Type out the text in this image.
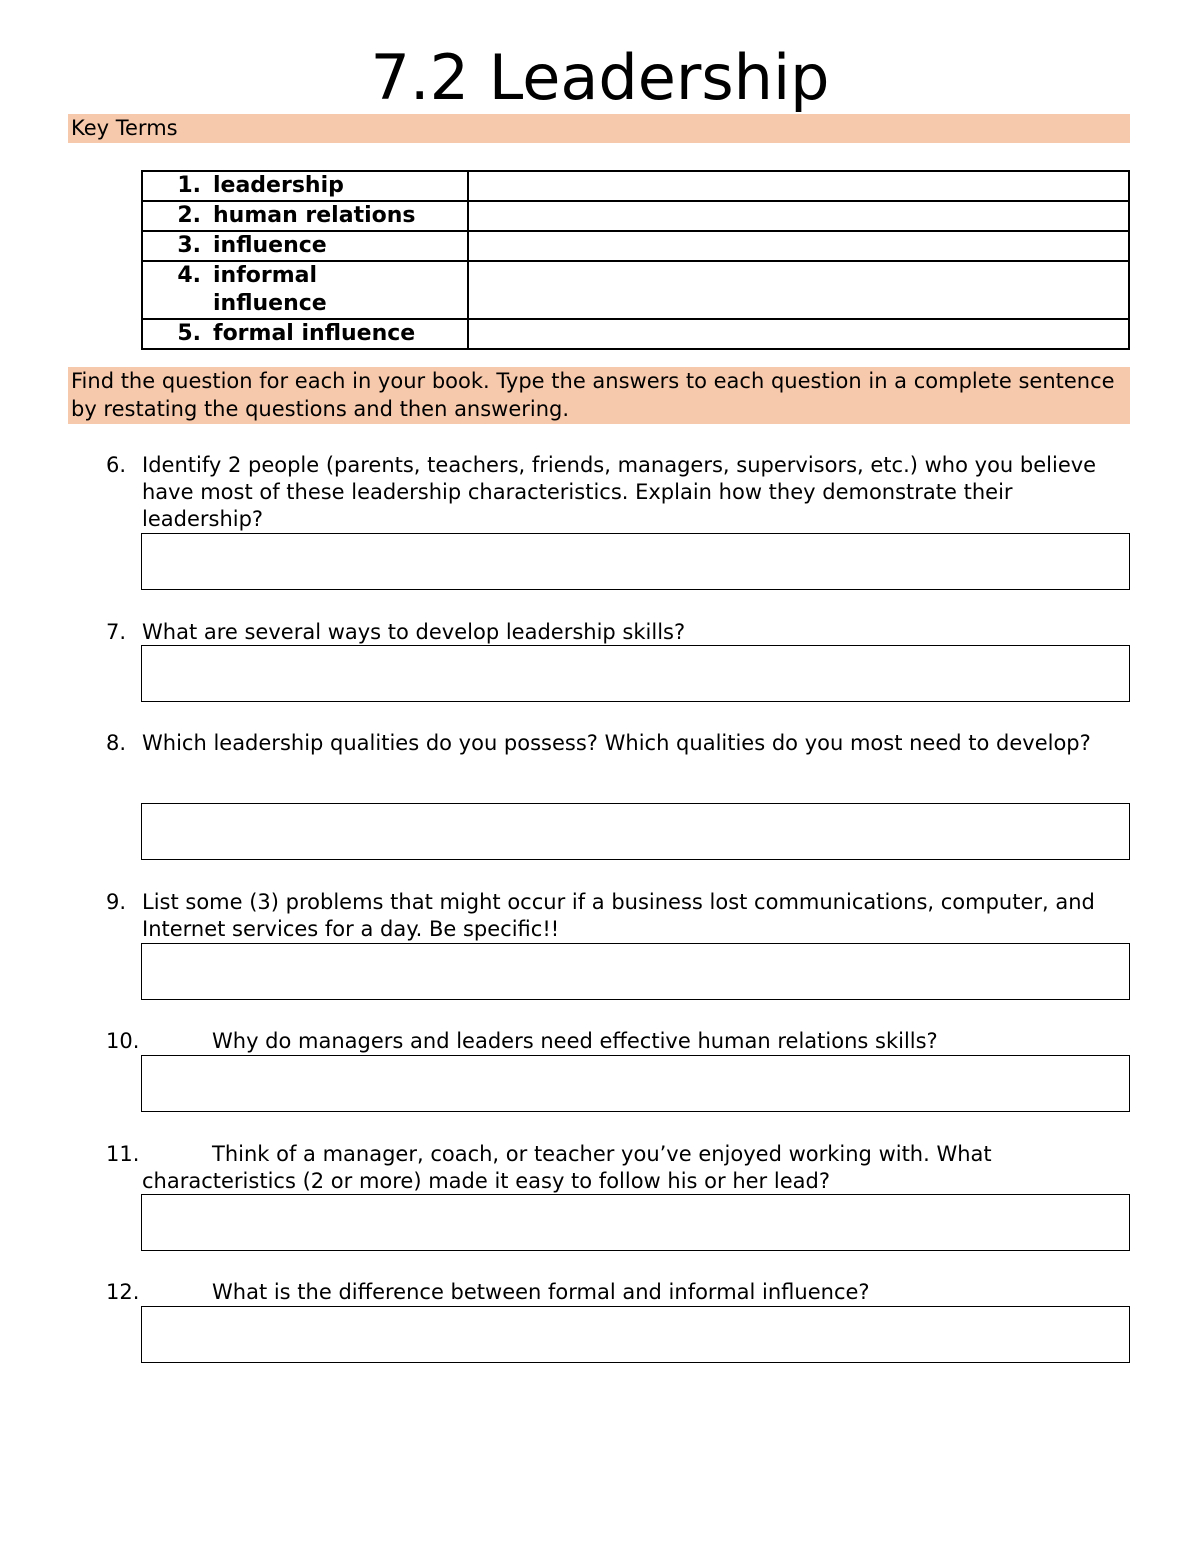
7.2 Leadership
Key Terms
1. leadership	

2. human relations	

3. influence	

4. informal influence	

5. formal influence	

Find the question for each in your book. Type the answers to each question in a complete sentence by restating the questions and then answering.
6. Identify 2 people (parents, teachers, friends, managers, supervisors, etc.) who you believe have most of these leadership characteristics. Explain how they demonstrate their leadership?
7. What are several ways to develop leadership skills?
8. Which leadership qualities do you possess? Which qualities do you most need to develop?
9. List some (3) problems that might occur if a business lost communications, computer, and Internet services for a day. Be specific!!
10.	Why do managers and leaders need effective human relations skills?
11.	Think of a manager, coach, or teacher you’ve enjoyed working with. What characteristics (2 or more) made it easy to follow his or her lead?
12.	What is the difference between formal and informal influence?
